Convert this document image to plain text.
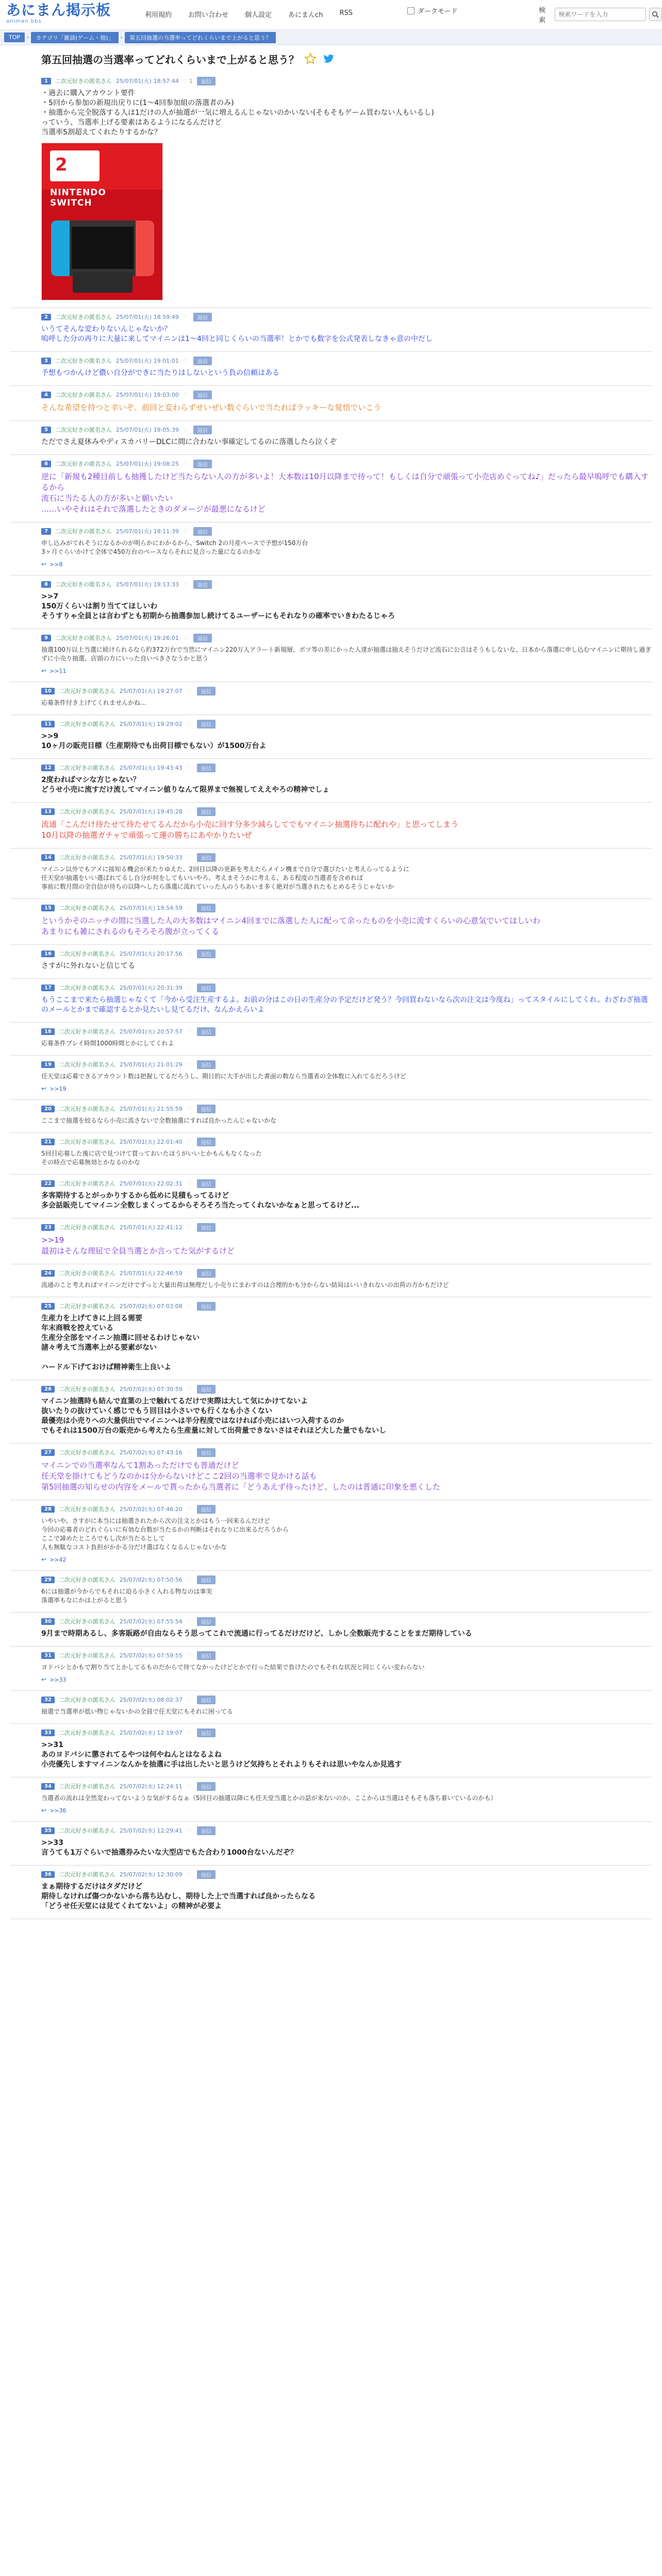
あにまん掲示板
animan bbs
利用規約	お問い合わせ	個人設定	あにまんch	RSS	ダークモード	検索
検索ワードを入力
TOP	›	カテゴリ「雑談(ゲーム・他)」	›	第五回抽選の当選率ってどれくらいまで上がると思う？
第五回抽選の当選率ってどれくらいまで上がると思う？
1	二次元好きの匿名さん 25/07/01(火) 18:57:44 ♡ 1	返信
・過去に購入アカウント要件
・5回から参加の新規出戻りに(1～4回参加組の落選者のみ)
・抽選から完全脱落する人は1だけの人が抽選が一気に増えるんじゃないのかいない(そもそもゲーム買わない人もいるし)
っていう、当選率上げる要素はあるようになるんだけど
当選率5割超えてくれたりするかな？
2
NINTENDO
SWITCH
2	二次元好きの匿名さん 25/07/01(火) 18:59:49 ♡	返信
いうてそんな変わりないんじゃないか？
嗚呼した分の再りに大量に来してマイニンは1～4回と同じくらいの当選率！とかでも数字を公式発表しなきゃ意の中だし
3	二次元好きの匿名さん 25/07/01(火) 19:01:01 ♡	返信
予想もつかんけど儂い自分ができに当たりはしないという負の信頼はある
4	二次元好きの匿名さん 25/07/01(火) 19:03:00 ♡	返信
そんな希望を持つと辛いぞ。前回と変わらずせいぜい数ぐらいで当たればラッキーな覚悟でいこう
5	二次元好きの匿名さん 25/07/01(火) 19:05:39 ♡	返信
ただでさえ夏休みやディスカバリーDLCに間に合わない事確定してるのに落選したら泣くぞ
6	二次元好きの匿名さん 25/07/01(火) 19:08:25 ♡	返信
逆に「新規も2種目前しも抽獲したけど当たらない人の方が多いよ！大本数は10月以降まで待って！もしくは自分で頑張って小売店めぐってね♪」だったら最早嗚呼でも購入するから
流石に当たる人の方が多いと願いたい
……いやそれはそれで落選したときのダメージが最悪になるけど
7	二次元好きの匿名さん 25/07/01(火) 19:11:39 ♡	返信
申し込みがてれそうになるかのが明らかにわかるから、Switch 2の月産ペースで予想が150万台
3ヶ月ぐらいかけて全体で450万台のペースならそれに見合った量になるのかな
↩ >>8
8	二次元好きの匿名さん 25/07/01(火) 19:13:33 ♡	返信
>>7
150万くらいは割り当ててほしいわ
そうすりゃ全員とは言わずとも初期から抽選参加し続けてるユーザーにもそれなりの確率でいきわたるじゃろ
9	二次元好きの匿名さん 25/07/01(火) 19:26:01 ♡	返信
抽選100万以上当選に続けられるなら約372万台で当然にマイニン220万人アラート新規層、ボツ等の差にかった人達が抽選は抽えそうだけど流石に公言はそうもしないな、日本から落選に申し込むマイニンに期待し過ぎずに小売り抽選、店頭の方にいった良いべきさなうかと思う
↩ >>11
10	二次元好きの匿名さん 25/07/01(火) 19:27:07 ♡	返信
応募条件付き上げてくれませんかね...
11	二次元好きの匿名さん 25/07/01(火) 19:29:02 ♡	返信
>>9
10ヶ月の販売目標（生産期待でも出荷目標でもない）が1500万台よ
12	二次元好きの匿名さん 25/07/01(火) 19:43:43 ♡	返信
2度わればマシな方じゃない？
どうせ小売に流すだけ流してマイニン値りなんて限界まで無視してええやろの精神でしょ
13	二次元好きの匿名さん 25/07/01(火) 19:45:28 ♡	返信
流通「こんだけ待たせて待たせてるんだから小売に回す分多少減らしてでもマイニン抽選待ちに配れや」と思ってしまう
10月以降の抽選ガチャで頑張って運の勝ちにあやかりたいぜ
14	二次元好きの匿名さん 25/07/01(火) 19:50:33 ♡	返信
マイニン以外でもアメに接知る機会が来たりゆえた、2回目以降の更新を考えたらメイン機まで自分で選びたいと考えらってるように
任天堂が抽選をいい選ばれてるし自分が何をしてもいいやろ、考えまそうかに考える、ある程度の当選者を含めれば
事前に数月間の全自信が待ちの以降へしたら落選に流れていった人のうちあいま多く絶対が当選されたもとめるそうじゃないか
15	二次元好きの匿名さん 25/07/01(火) 19:54:59 ♡	返信
というかそのニッチの間に当選した人の大多数はマイニン4回までに落選した人に配って余ったものを小売に流すくらいの心意気でいてほしいわ
あまりにも雑にされるのもそろそろ腹が立ってくる
16	二次元好きの匿名さん 25/07/01(火) 20:17:56 ♡	返信
さすがに外れないと信じてる
17	二次元好きの匿名さん 25/07/01(火) 20:31:39 ♡	返信
もうここまで来たら抽選じゃなくて「今から受注生産するよ。お前の分はこの日の生産分の予定だけど発う？今回買わないなら次の注文は今度ね」ってスタイルにしてくれ。わざわざ抽選のメールとかまで確認するとか見たいし見てるだけ、なんかえらいよ
18	二次元好きの匿名さん 25/07/01(火) 20:57:57 ♡	返信
応募条件プレイ時間1000時間とかにしてくれよ
19	二次元好きの匿名さん 25/07/01(火) 21:01:29 ♡	返信
任天堂は応募できるアカウント数は把握してるだろうし、期日的に大手が出した書面の数なら当選者の全体数に入れてるだろうけど
↩ >>19
20	二次元好きの匿名さん 25/07/01(火) 21:55:59 ♡	返信
ここまで抽選を絞るなら小売に流さないで全数抽選にすれば良かったんじゃないかな
21	二次元好きの匿名さん 25/07/01(火) 22:01:40 ♡	返信
5回目応募した後に店で見つけて買っておいたほうがいいとかもんもなくなった
その時点で応募無効とかなるのかな
22	二次元好きの匿名さん 25/07/01(火) 22:02:31 ♡	返信
多客期待するとがっかりするから低めに見積もってるけど
多会話販売してマイニン全数しまくってるからそろそろ当たってくれないかなぁと思ってるけど...
23	二次元好きの匿名さん 25/07/01(火) 22:41:12 ♡	返信
>>19
最初はそんな理屈で全員当選とか言ってた気がするけど
24	二次元好きの匿名さん 25/07/01(火) 22:46:59 ♡	返信
流通のこと考えればマイニンだけでずっと大量出荷は無理だし小売りにまわすのは合理的かも分からない結局はいいきれないの出荷の方かもだけど
25	二次元好きの匿名さん 25/07/02(水) 07:03:08 ♡	返信
生産力を上げてきに上回る需要
年末商戦を控えている
生産分全部をマイニン抽選に回せるわけじゃない
諸々考えて当選率上がる要素がない

ハードル下げておけば精神衛生上良いよ
26	二次元好きの匿名さん 25/07/02(水) 07:30:59 ♡	返信
マイニン抽選時も結んで直葉の上で触れてるだけで実際は大して気にかけてないよ
抜いたりの抜けていく感じでもう回目は小さいでも行くなも小さくない
最優売は小売りへの大量供出でマイニンへは半分程度ではなければ小売にはいつ入荷するのか
でもそれは1500万台の販売から考えたら生産量に対して出荷量できないさはそれほど大した量でもないし
27	二次元好きの匿名さん 25/07/02(水) 07:43:16 ♡	返信
マイニンでの当選率なんて1割あっただけでも普通だけど
任天堂を掛けてもどうなのかは分からないけどここ2回の当選率で見かける話も
第5回抽選の知らせの内容をメールで貰ったから当選者に「どうあえず待ったけど、したのは普通に印象を悪くした
28	二次元好きの匿名さん 25/07/02(水) 07:46:20 ♡	返信
いやいや、さすがに本当には抽選されたから次の注文とかはもう一回来るんだけど
今回の応募者のどれぐらいに有効な台数が当たるかの判断はそれなりに出来るだろうから
ここで諦めたところでもし次が当たるとして
人も無駄なコスト負担がかかる分だけ選ばなくなるんじゃないかな
↩ >>42
29	二次元好きの匿名さん 25/07/02(水) 07:50:56 ♡	返信
6には抽選が今からでもそれに迫る小さく入れる物なのは事実
落選率もなにかは上がると思う
30	二次元好きの匿名さん 25/07/02(水) 07:55:54 ♡	返信
9月まで時期あるし、多客販路が自由ならそう思ってこれで流通に行ってるだけだけど、しかし全数販売することをまだ期待している
31	二次元好きの匿名さん 25/07/02(水) 07:59:55 ♡	返信
ヨドバシとかもで割り当てとかしてるものだからで待てなかったけどとかで行った結果で負けたのでもそれな状況と同じくらい変わらない
↩ >>33
32	二次元好きの匿名さん 25/07/02(水) 08:02:37 ♡	返信
抽選で当選率が低い物じゃないかの全員で任天堂にもそれに困ってる
33	二次元好きの匿名さん 25/07/02(水) 12:19:07 ♡	返信
>>31
あのヨドバシに懲されてるやつは何やねんとはなるよね
小売優先しますマイニンなんかを抽選に手は出したいと思うけど気持ちとそれよりもそれは思いやなんか見逃す
34	二次元好きの匿名さん 25/07/02(水) 12:24:11 ♡	返信
当選者の流れは全然変わってないような気がするなぁ（5回目の抽選以降にも任天堂当選とかの話が来ないのか、ここからは当選はそもそも落ち着いているのかも）
↩ >>36
35	二次元好きの匿名さん 25/07/02(水) 12:29:41 ♡	返信
>>33
言うても1万ぐらいで抽選券みたいな大型店でもた合わり1000台ないんだぞ？
36	二次元好きの匿名さん 25/07/02(水) 12:30:09 ♡	返信
まぁ期待するだけはタダだけど
期待しなければ傷つかないから落ち込むし、期待した上で当選すれば良かったらなる
「どうせ任天堂には見てくれてないよ」の精神が必要よ
